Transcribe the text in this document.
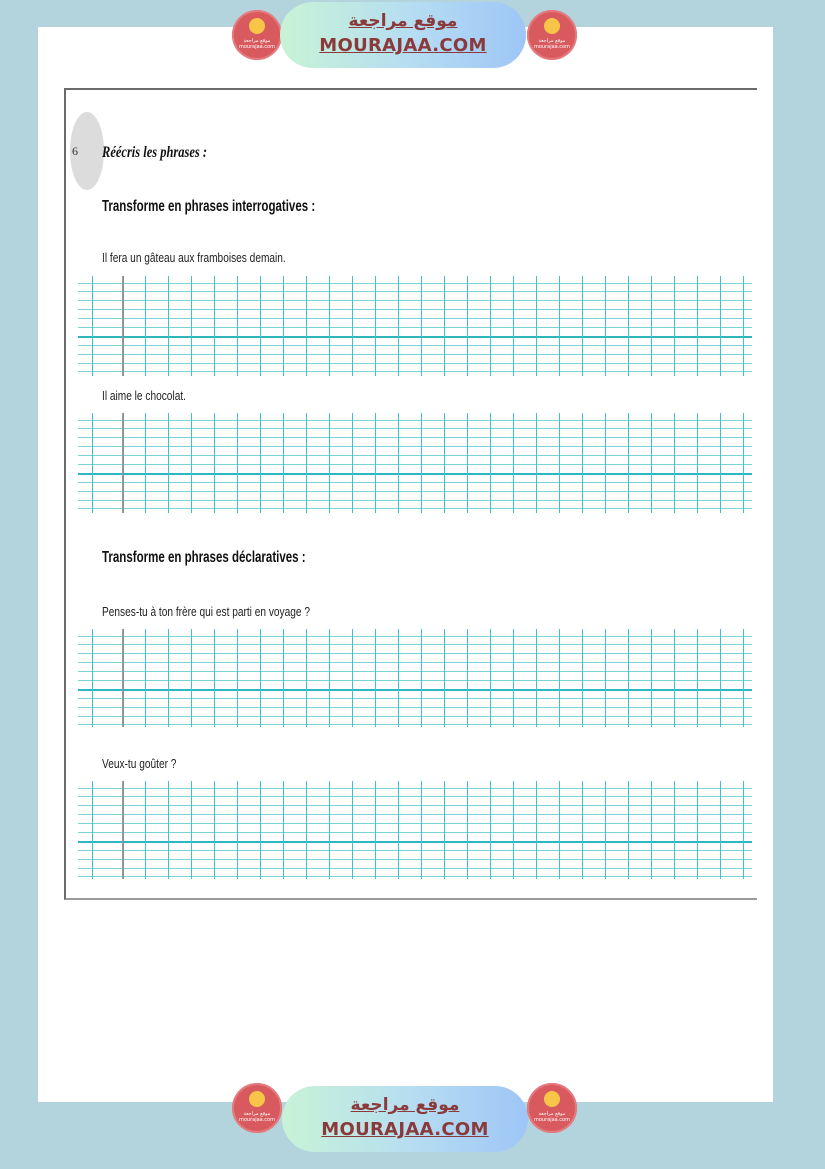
موقع مراجعة mourajaa.com
موقع مراجعة
MOURAJAA.COM	موقع مراجعة mourajaa.com
6 Réécris les phrases :
Transforme en phrases interrogatives :
Il fera un gâteau aux framboises demain.
Il aime le chocolat.
Transforme en phrases déclaratives :
Penses-tu à ton frère qui est parti en voyage ?
Veux-tu goûter ?
موقع مراجعة mourajaa.com
موقع مراجعة
MOURAJAA.COM
موقع مراجعة mourajaa.com
